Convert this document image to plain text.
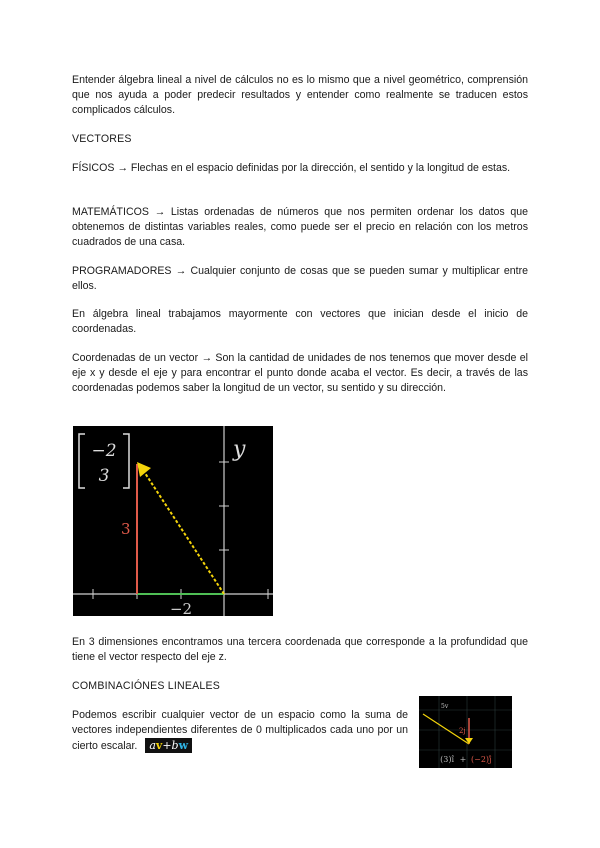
Entender álgebra lineal a nivel de cálculos no es lo mismo que a nivel geométrico, comprensión que nos ayuda a poder predecir resultados y entender como realmente se traducen estos complicados cálculos.

VECTORES

FÍSICOS → Flechas en el espacio definidas por la dirección, el sentido y la longitud de estas.

MATEMÁTICOS → Listas ordenadas de números que nos permiten ordenar los datos que obtenemos de distintas variables reales, como puede ser el precio en relación con los metros cuadrados de una casa.

PROGRAMADORES → Cualquier conjunto de cosas que se pueden sumar y multiplicar entre ellos.

En álgebra lineal trabajamos mayormente con vectores que inician desde el inicio de coordenadas.

Coordenadas de un vector → Son la cantidad de unidades de nos tenemos que mover desde el eje x y desde el eje y para encontrar el punto donde acaba el vector. Es decir, a través de las coordenadas podemos saber la longitud de un vector, su sentido y su dirección.

−2
3
y
3
−2

En 3 dimensiones encontramos una tercera coordenada que corresponde a la profundidad que tiene el vector respecto del eje z.

COMBINACIÓNES LINEALES

Podemos escribir cualquier vector de un espacio como la suma de vectores independientes diferentes de 0 multiplicados cada uno por un cierto escalar. av+bw

5v
2j
(3)î + (−2)ĵ
